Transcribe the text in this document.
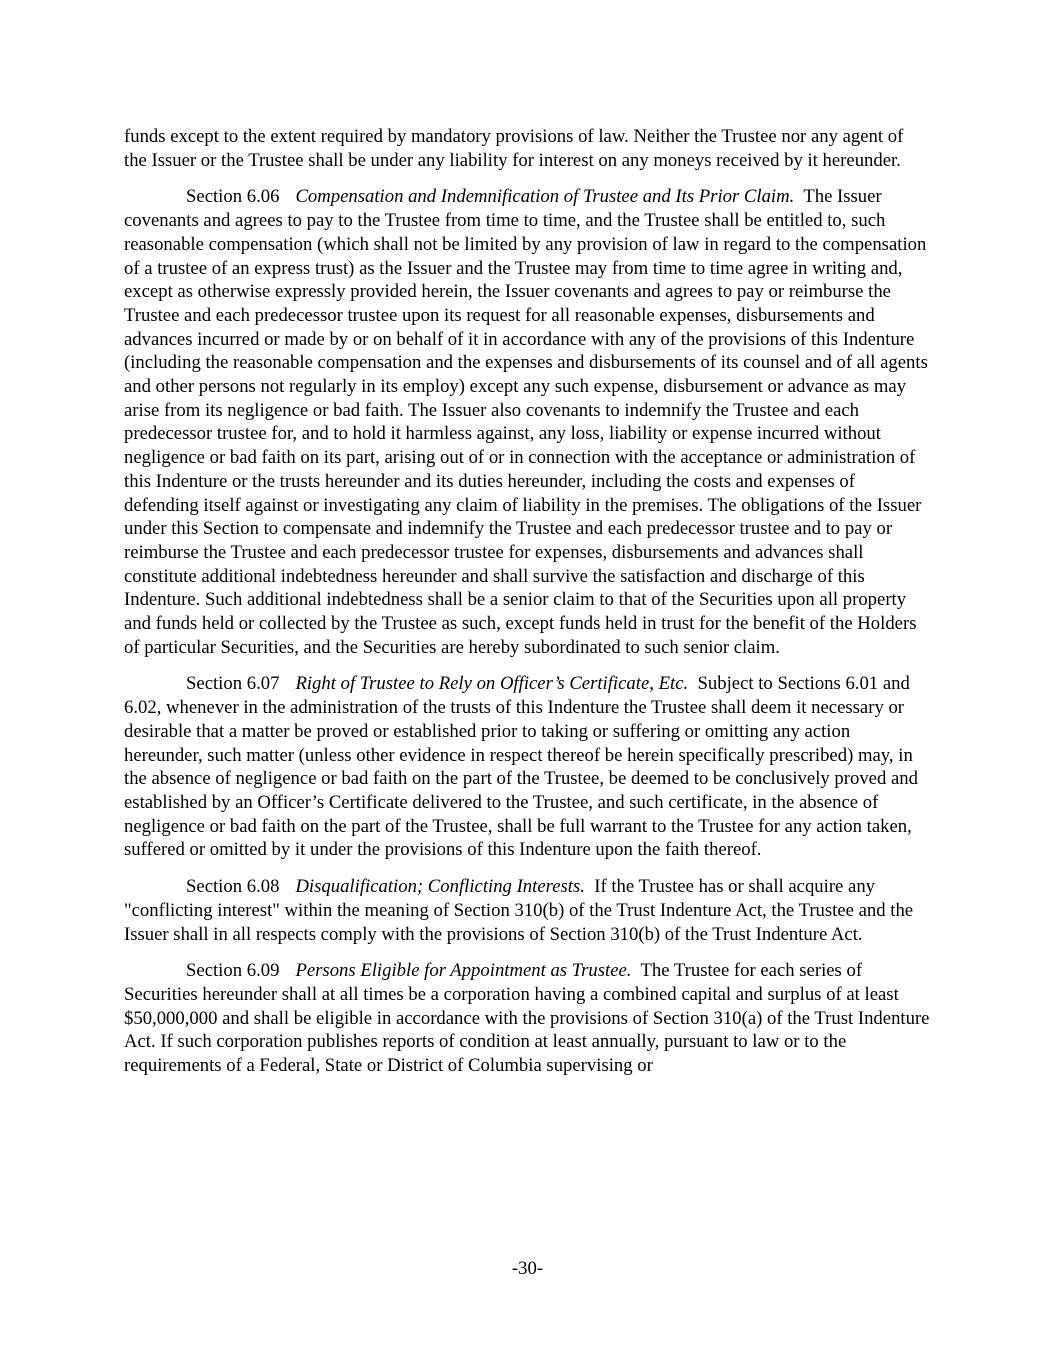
funds except to the extent required by mandatory provisions of law. Neither the Trustee nor any agent of the Issuer or the Trustee shall be under any liability for interest on any moneys received by it hereunder.

Section 6.06 Compensation and Indemnification of Trustee and Its Prior Claim. The Issuer covenants and agrees to pay to the Trustee from time to time, and the Trustee shall be entitled to, such reasonable compensation (which shall not be limited by any provision of law in regard to the compensation of a trustee of an express trust) as the Issuer and the Trustee may from time to time agree in writing and, except as otherwise expressly provided herein, the Issuer covenants and agrees to pay or reimburse the Trustee and each predecessor trustee upon its request for all reasonable expenses, disbursements and advances incurred or made by or on behalf of it in accordance with any of the provisions of this Indenture (including the reasonable compensation and the expenses and disbursements of its counsel and of all agents and other persons not regularly in its employ) except any such expense, disbursement or advance as may arise from its negligence or bad faith. The Issuer also covenants to indemnify the Trustee and each predecessor trustee for, and to hold it harmless against, any loss, liability or expense incurred without negligence or bad faith on its part, arising out of or in connection with the acceptance or administration of this Indenture or the trusts hereunder and its duties hereunder, including the costs and expenses of defending itself against or investigating any claim of liability in the premises. The obligations of the Issuer under this Section to compensate and indemnify the Trustee and each predecessor trustee and to pay or reimburse the Trustee and each predecessor trustee for expenses, disbursements and advances shall constitute additional indebtedness hereunder and shall survive the satisfaction and discharge of this Indenture. Such additional indebtedness shall be a senior claim to that of the Securities upon all property and funds held or collected by the Trustee as such, except funds held in trust for the benefit of the Holders of particular Securities, and the Securities are hereby subordinated to such senior claim.

Section 6.07 Right of Trustee to Rely on Officer’s Certificate, Etc. Subject to Sections 6.01 and 6.02, whenever in the administration of the trusts of this Indenture the Trustee shall deem it necessary or desirable that a matter be proved or established prior to taking or suffering or omitting any action hereunder, such matter (unless other evidence in respect thereof be herein specifically prescribed) may, in the absence of negligence or bad faith on the part of the Trustee, be deemed to be conclusively proved and established by an Officer’s Certificate delivered to the Trustee, and such certificate, in the absence of negligence or bad faith on the part of the Trustee, shall be full warrant to the Trustee for any action taken, suffered or omitted by it under the provisions of this Indenture upon the faith thereof.

Section 6.08 Disqualification; Conflicting Interests. If the Trustee has or shall acquire any "conflicting interest" within the meaning of Section 310(b) of the Trust Indenture Act, the Trustee and the Issuer shall in all respects comply with the provisions of Section 310(b) of the Trust Indenture Act.

Section 6.09 Persons Eligible for Appointment as Trustee. The Trustee for each series of Securities hereunder shall at all times be a corporation having a combined capital and surplus of at least $50,000,000 and shall be eligible in accordance with the provisions of Section 310(a) of the Trust Indenture Act. If such corporation publishes reports of condition at least annually, pursuant to law or to the requirements of a Federal, State or District of Columbia supervising or

-30-
